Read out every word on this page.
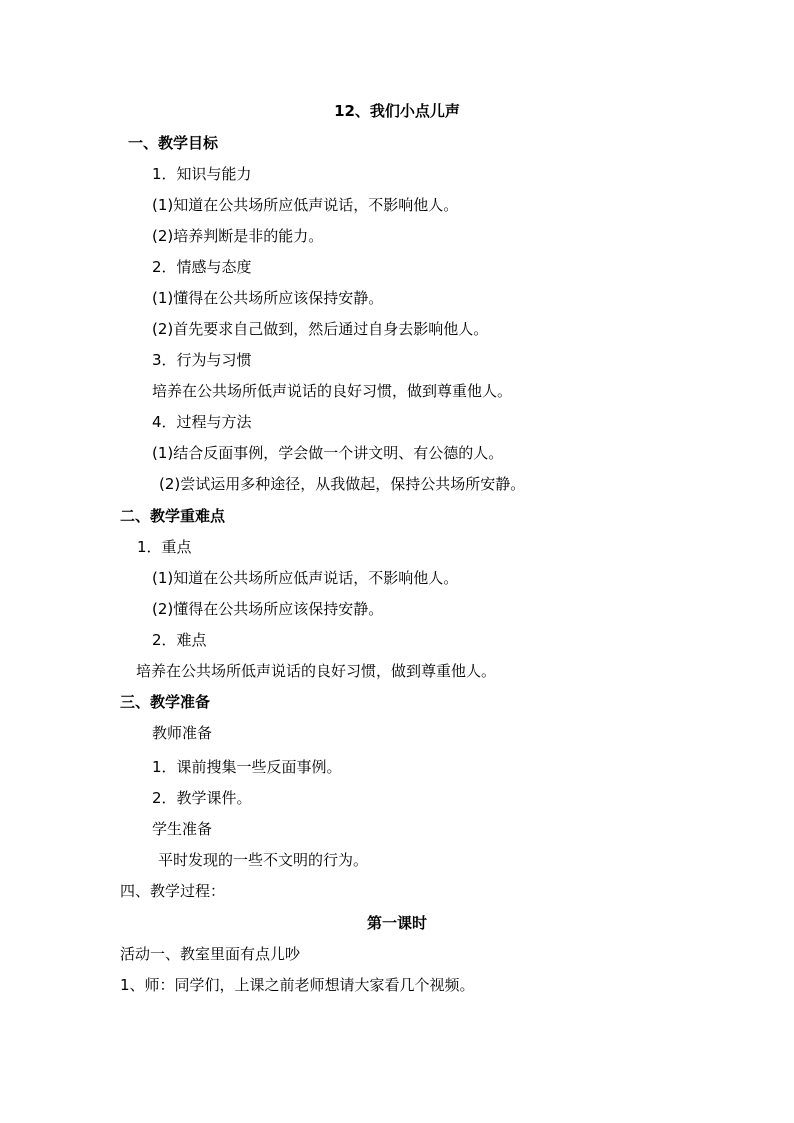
12、我们小点儿声
一、教学目标
1．知识与能力
(1)知道在公共场所应低声说话，不影响他人。
(2)培养判断是非的能力。
2．情感与态度
(1)懂得在公共场所应该保持安静。
(2)首先要求自己做到，然后通过自身去影响他人。
3．行为与习惯
培养在公共场所低声说话的良好习惯，做到尊重他人。
4．过程与方法
(1)结合反面事例，学会做一个讲文明、有公德的人。
(2)尝试运用多种途径，从我做起，保持公共场所安静。
二、教学重难点
1．重点
(1)知道在公共场所应低声说话，不影响他人。
(2)懂得在公共场所应该保持安静。
2．难点
培养在公共场所低声说话的良好习惯，做到尊重他人。
三、教学准备
教师准备
1．课前搜集一些反面事例。
2．教学课件。
学生准备
平时发现的一些不文明的行为。
四、教学过程：
第一课时
活动一、教室里面有点儿吵
1、师：同学们，上课之前老师想请大家看几个视频。
